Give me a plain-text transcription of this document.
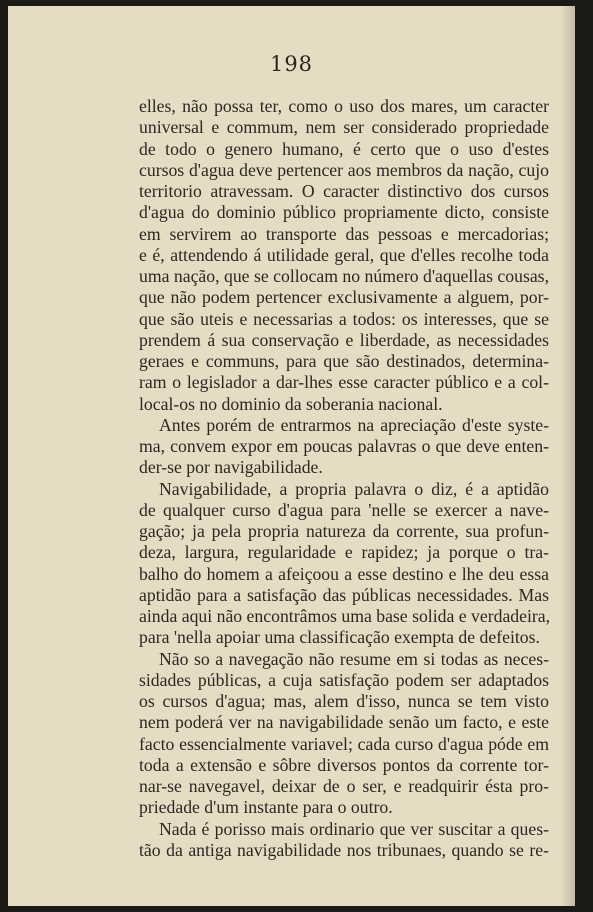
198
elles, não possa ter, como o uso dos mares, um caracter
universal e commum, nem ser considerado propriedade
de todo o genero humano, é certo que o uso d'estes
cursos d'agua deve pertencer aos membros da nação, cujo
territorio atravessam. O caracter distinctivo dos cursos
d'agua do dominio público propriamente dicto, consiste
em servirem ao transporte das pessoas e mercadorias;
e é, attendendo á utilidade geral, que d'elles recolhe toda
uma nação, que se collocam no número d'aquellas cousas,
que não podem pertencer exclusivamente a alguem, por-
que são uteis e necessarias a todos: os interesses, que se
prendem á sua conservação e liberdade, as necessidades
geraes e communs, para que são destinados, determina-
ram o legislador a dar-lhes esse caracter público e a col-
local-os no dominio da soberania nacional.
Antes porém de entrarmos na apreciação d'este syste-
ma, convem expor em poucas palavras o que deve enten-
der-se por navigabilidade.
Navigabilidade, a propria palavra o diz, é a aptidão
de qualquer curso d'agua para 'nelle se exercer a nave-
gação; ja pela propria natureza da corrente, sua profun-
deza, largura, regularidade e rapidez; ja porque o tra-
balho do homem a afeiçoou a esse destino e lhe deu essa
aptidão para a satisfação das públicas necessidades. Mas
ainda aqui não encontrâmos uma base solida e verdadeira,
para 'nella apoiar uma classificação exempta de defeitos.
Não so a navegação não resume em si todas as neces-
sidades públicas, a cuja satisfação podem ser adaptados
os cursos d'agua; mas, alem d'isso, nunca se tem visto
nem poderá ver na navigabilidade senão um facto, e este
facto essencialmente variavel; cada curso d'agua póde em
toda a extensão e sôbre diversos pontos da corrente tor-
nar-se navegavel, deixar de o ser, e readquirir ésta pro-
priedade d'um instante para o outro.
Nada é porisso mais ordinario que ver suscitar a ques-
tão da antiga navigabilidade nos tribunaes, quando se re-
